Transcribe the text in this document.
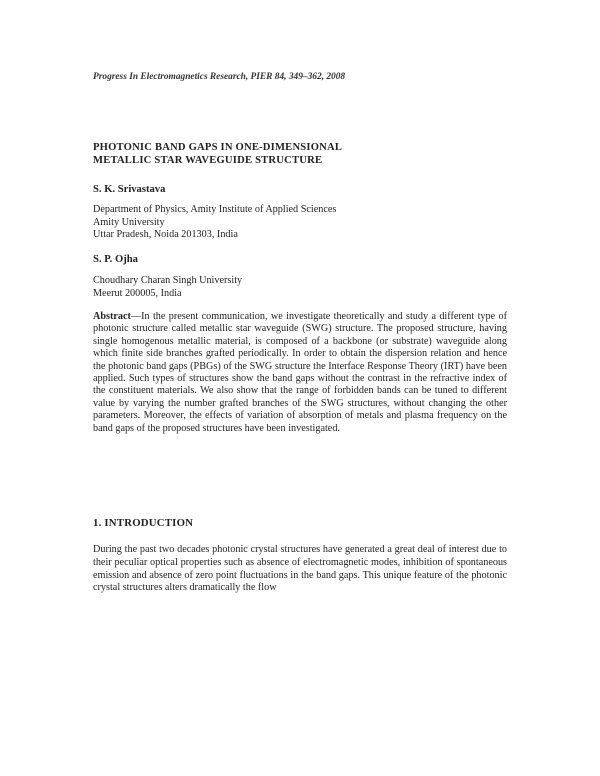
Progress In Electromagnetics Research, PIER 84, 349–362, 2008
PHOTONIC BAND GAPS IN ONE-DIMENSIONAL
METALLIC STAR WAVEGUIDE STRUCTURE
S. K. Srivastava
Department of Physics, Amity Institute of Applied Sciences
Amity University
Uttar Pradesh, Noida 201303, India
S. P. Ojha
Choudhary Charan Singh University
Meerut 200005, India
Abstract—In the present communication, we investigate theoretically and study a different type of photonic structure called metallic star waveguide (SWG) structure. The proposed structure, having single homogenous metallic material, is composed of a backbone (or substrate) waveguide along which finite side branches grafted periodically. In order to obtain the dispersion relation and hence the photonic band gaps (PBGs) of the SWG structure the Interface Response Theory (IRT) have been applied. Such types of structures show the band gaps without the contrast in the refractive index of the constituent materials. We also show that the range of forbidden bands can be tuned to different value by varying the number grafted branches of the SWG structures, without changing the other parameters. Moreover, the effects of variation of absorption of metals and plasma frequency on the band gaps of the proposed structures have been investigated.
1. INTRODUCTION
During the past two decades photonic crystal structures have generated a great deal of interest due to their peculiar optical properties such as absence of electromagnetic modes, inhibition of spontaneous emission and absence of zero point fluctuations in the band gaps. This unique feature of the photonic crystal structures alters dramatically the flow
